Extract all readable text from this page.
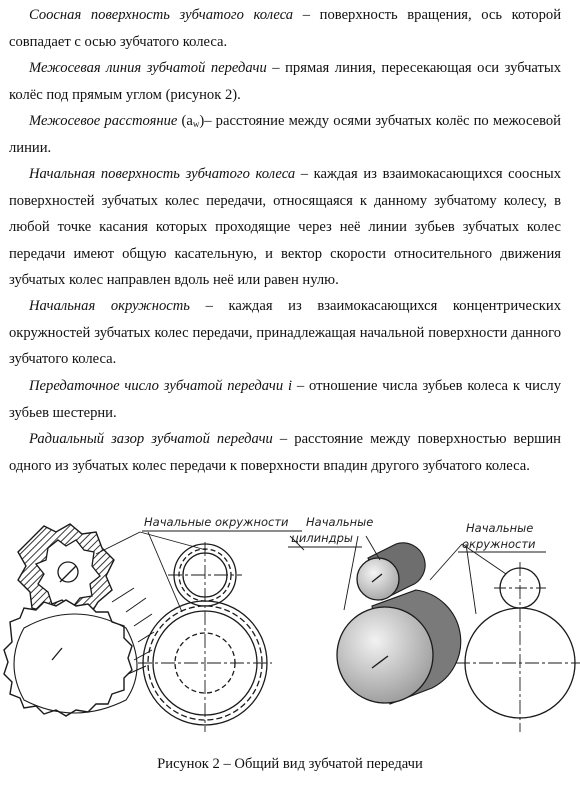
Соосная поверхность зубчатого колеса – поверхность вращения, ось которой совпадает с осью зубчатого колеса.

Межосевая линия зубчатой передачи – прямая линия, пересекающая оси зубчатых колёс под прямым углом (рисунок 2).

Межосевое расстояние $(a_w)-$ расстояние между осями зубчатых колёс по межосевой линии.

Начальная поверхность зубчатого колеса – каждая из взаимокасающихся соосных поверхностей зубчатых колес передачи, относящаяся к данному зубчатому колесу, в любой точке касания которых проходящие через неё линии зубьев зубчатых колес передачи имеют общую касательную, и вектор скорости относительного движения зубчатых колес направлен вдоль неё или равен нулю.

Начальная окружность – каждая из взаимокасающихся концентрических окружностей зубчатых колес передачи, принадлежащая начальной поверхности данного зубчатого колеса.

Передаточное число зубчатой передачи i – отношение числа зубьев колеса к числу зубьев шестерни.

Радиальный зазор зубчатой передачи – расстояние между поверхностью вершин одного из зубчатых колес передачи к поверхности впадин другого зубчатого колеса.

Начальные окружности Начальные
цилиндры
Начальные
окружности
Рисунок 2 – Общий вид зубчатой передачи
